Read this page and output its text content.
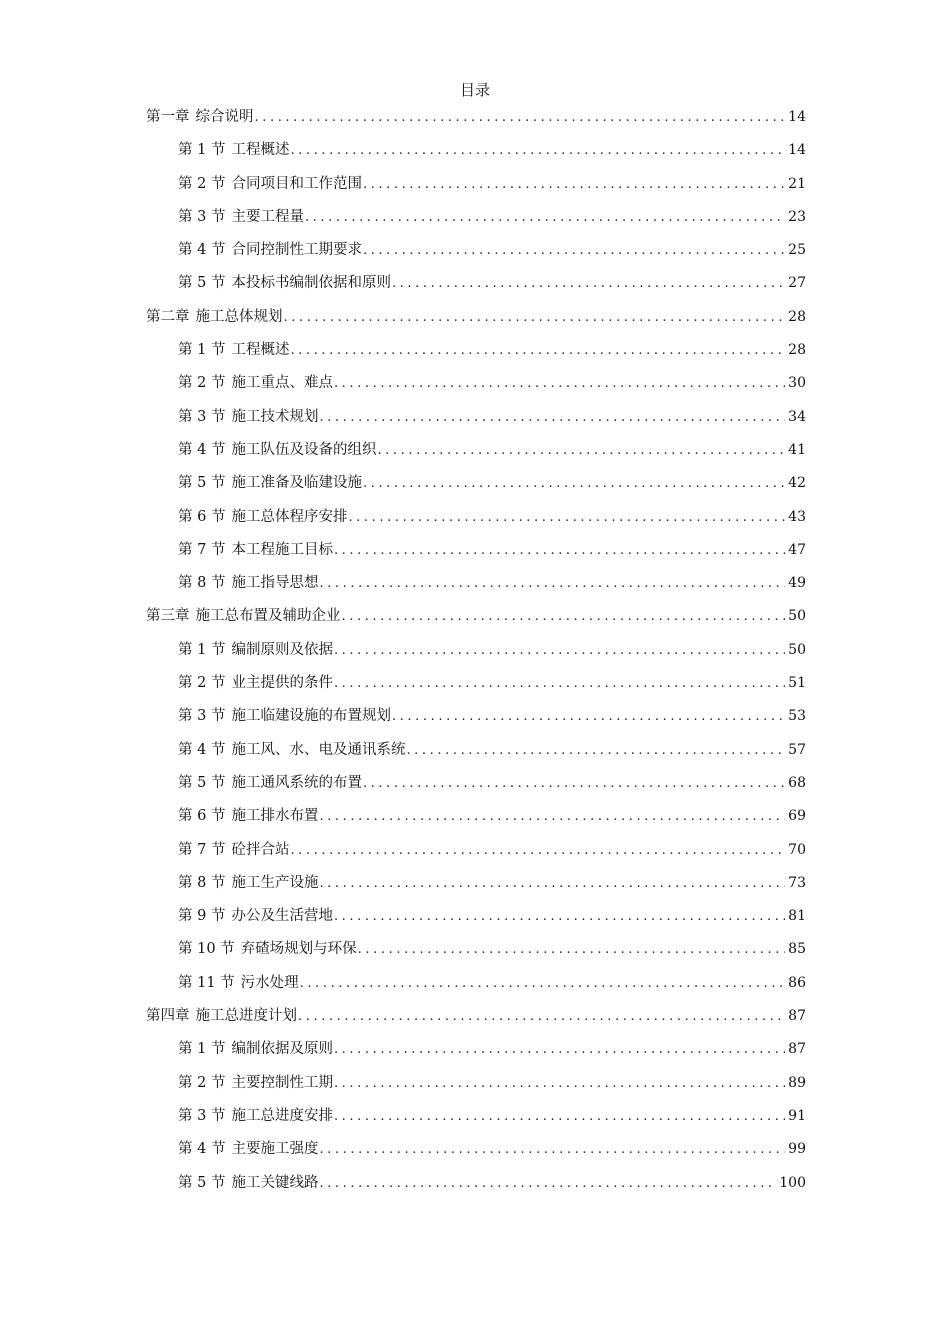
目录
第一章 综合说明 .....	14
第 1 节 工程概述 .....	14
第 2 节 合同项目和工作范围 .....	21
第 3 节 主要工程量 .....	23
第 4 节 合同控制性工期要求 .....	25
第 5 节 本投标书编制依据和原则 .....	27
第二章 施工总体规划 .....	28
第 1 节 工程概述 .....	28
第 2 节 施工重点、难点 .....	30
第 3 节 施工技术规划 .....	34
第 4 节 施工队伍及设备的组织 .....	41
第 5 节 施工准备及临建设施 .....	42
第 6 节 施工总体程序安排 .....	43
第 7 节 本工程施工目标 .....	47
第 8 节 施工指导思想 .....	49
第三章 施工总布置及辅助企业 .....	50
第 1 节 编制原则及依据 .....	50
第 2 节 业主提供的条件 .....	51
第 3 节 施工临建设施的布置规划 .....	53
第 4 节 施工风、水、电及通讯系统 .....	57
第 5 节 施工通风系统的布置 .....	68
第 6 节 施工排水布置 .....	69
第 7 节 砼拌合站 .....	70
第 8 节 施工生产设施 .....	73
第 9 节 办公及生活营地 .....	81
第 10 节 弃碴场规划与环保 .....	85
第 11 节 污水处理 .....	86
第四章 施工总进度计划 .....	87
第 1 节 编制依据及原则 .....	87
第 2 节 主要控制性工期 .....	89
第 3 节 施工总进度安排 .....	91
第 4 节 主要施工强度 .....	99
第 5 节 施工关键线路 .....	100
